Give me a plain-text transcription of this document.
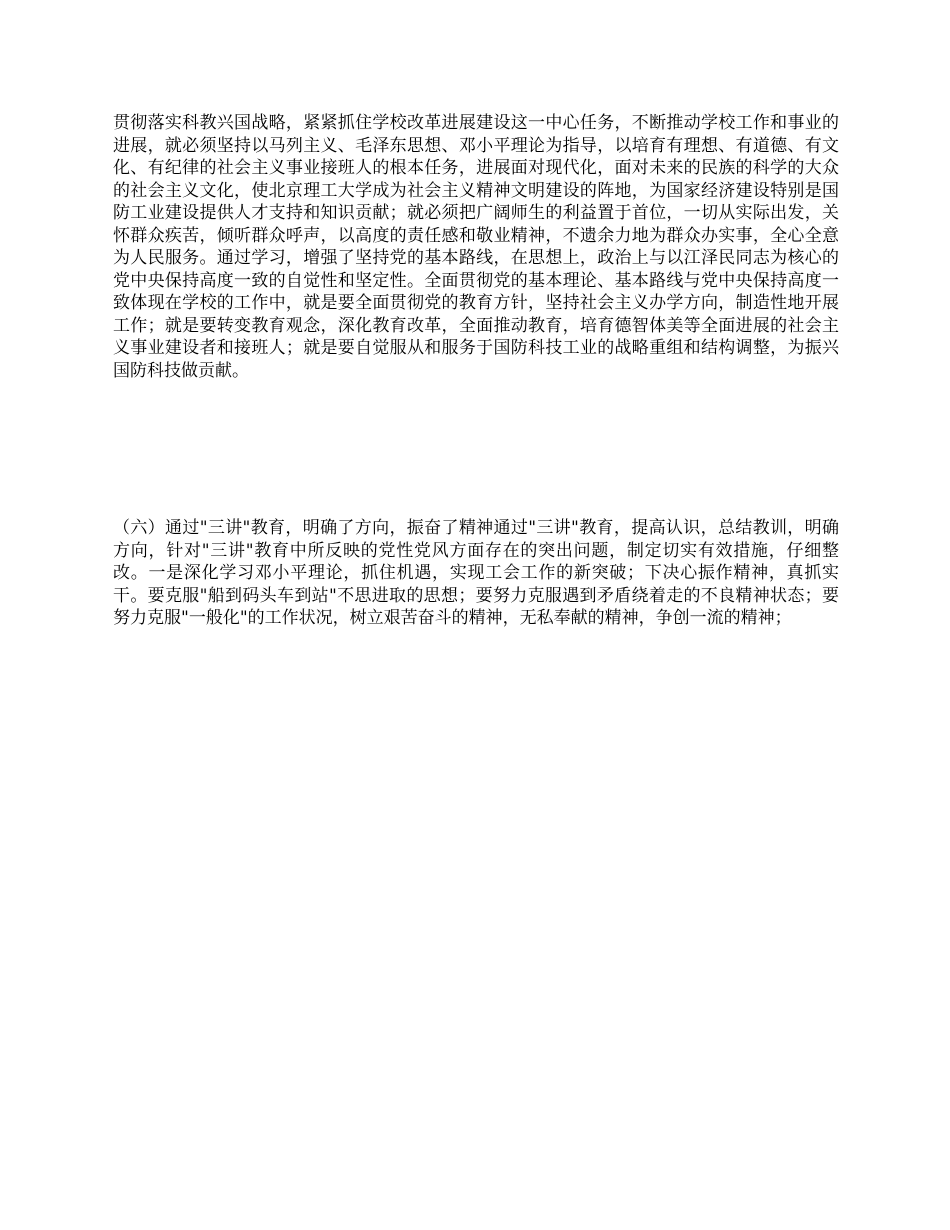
贯彻落实科教兴国战略，紧紧抓住学校改革进展建设这一中心任务，不断推动学校工作和事业的进展，就必须坚持以马列主义、毛泽东思想、邓小平理论为指导，以培育有理想、有道德、有文化、有纪律的社会主义事业接班人的根本任务，进展面对现代化，面对未来的民族的科学的大众的社会主义文化，使北京理工大学成为社会主义精神文明建设的阵地，为国家经济建设特别是国防工业建设提供人才支持和知识贡献；就必须把广阔师生的利益置于首位，一切从实际出发，关怀群众疾苦，倾听群众呼声，以高度的责任感和敬业精神，不遗余力地为群众办实事，全心全意为人民服务。通过学习，增强了坚持党的基本路线，在思想上，政治上与以江泽民同志为核心的党中央保持高度一致的自觉性和坚定性。全面贯彻党的基本理论、基本路线与党中央保持高度一致体现在学校的工作中，就是要全面贯彻党的教育方针，坚持社会主义办学方向，制造性地开展工作；就是要转变教育观念，深化教育改革，全面推动教育，培育德智体美等全面进展的社会主义事业建设者和接班人；就是要自觉服从和服务于国防科技工业的战略重组和结构调整，为振兴国防科技做贡献。

（六）通过"三讲"教育，明确了方向，振奋了精神通过"三讲"教育，提高认识，总结教训，明确方向，针对"三讲"教育中所反映的党性党风方面存在的突出问题，制定切实有效措施，仔细整改。一是深化学习邓小平理论，抓住机遇，实现工会工作的新突破；下决心振作精神，真抓实干。要克服"船到码头车到站"不思进取的思想；要努力克服遇到矛盾绕着走的不良精神状态；要努力克服"一般化"的工作状况，树立艰苦奋斗的精神，无私奉献的精神，争创一流的精神；
